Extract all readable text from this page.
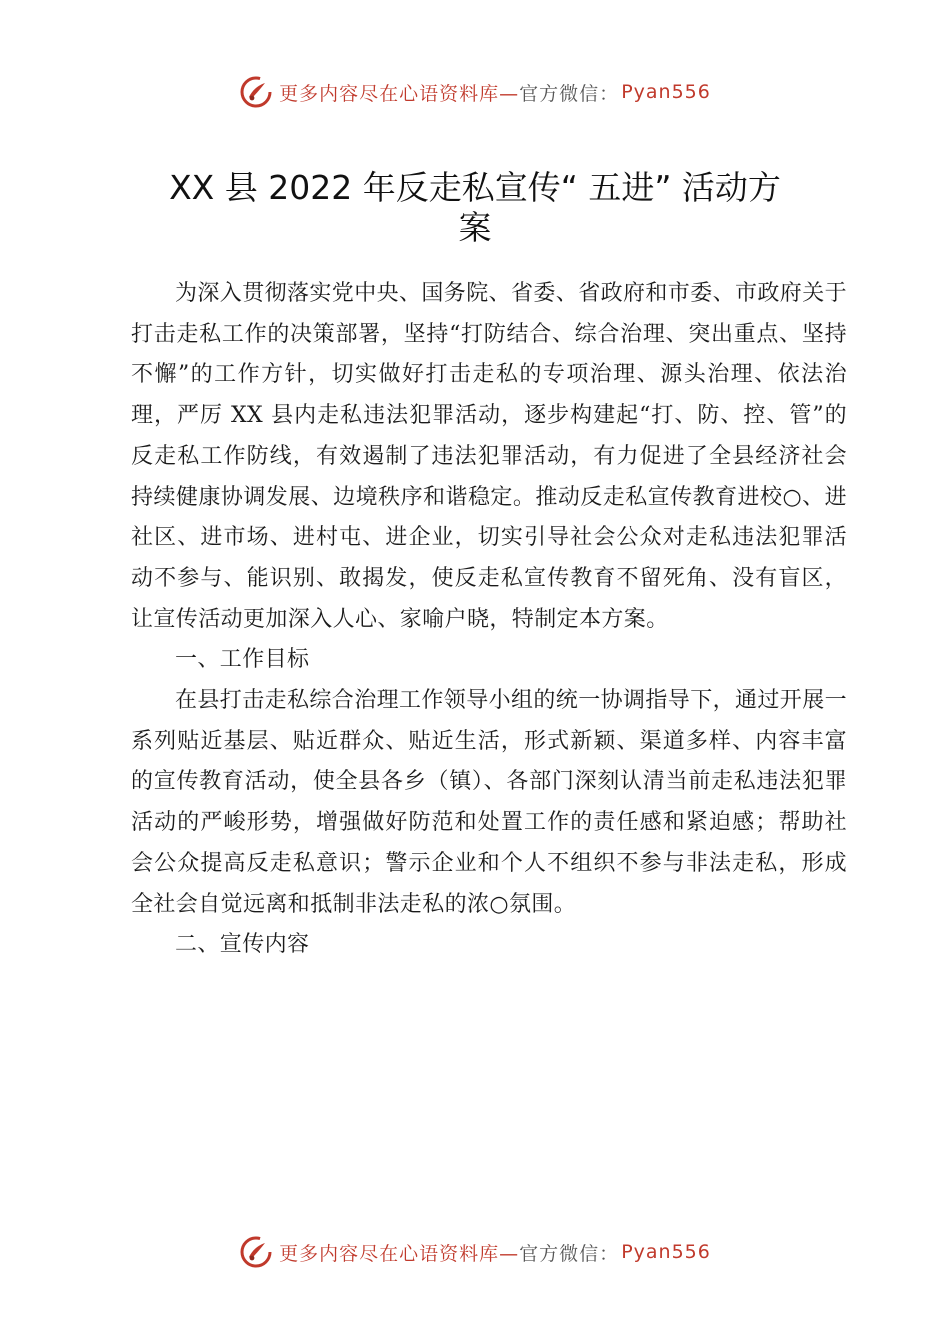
更多内容尽在心语资料库— 官方微信： Pyan556
XX 县 2022 年反走私宣传“ 五进” 活动方案

为深入贯彻落实党中央、国务院、省委、省政府和市委、市政府关于打击走私工作的决策部署，坚持“打防结合、综合治理、突出重点、坚持不懈”的工作方针，切实做好打击走私的专项治理、源头治理、依法治理，严厉 XX 县内走私违法犯罪活动，逐步构建起“打、防、控、管”的反走私工作防线，有效遏制了违法犯罪活动，有力促进了全县经济社会持续健康协调发展、边境秩序和谐稳定。推动反走私宣传教育进校○、进社区、进市场、进村屯、进企业，切实引导社会公众对走私违法犯罪活动不参与、能识别、敢揭发，使反走私宣传教育不留死角、没有盲区，让宣传活动更加深入人心、家喻户晓，特制定本方案。

一、工作目标

在县打击走私综合治理工作领导小组的统一协调指导下，通过开展一系列贴近基层、贴近群众、贴近生活，形式新颖、渠道多样、内容丰富的宣传教育活动，使全县各乡（镇）、各部门深刻认清当前走私违法犯罪活动的严峻形势，增强做好防范和处置工作的责任感和紧迫感；帮助社会公众提高反走私意识；警示企业和个人不组织不参与非法走私，形成全社会自觉远离和抵制非法走私的浓○氛围。

二、宣传内容

更多内容尽在心语资料库— 官方微信： Pyan556
